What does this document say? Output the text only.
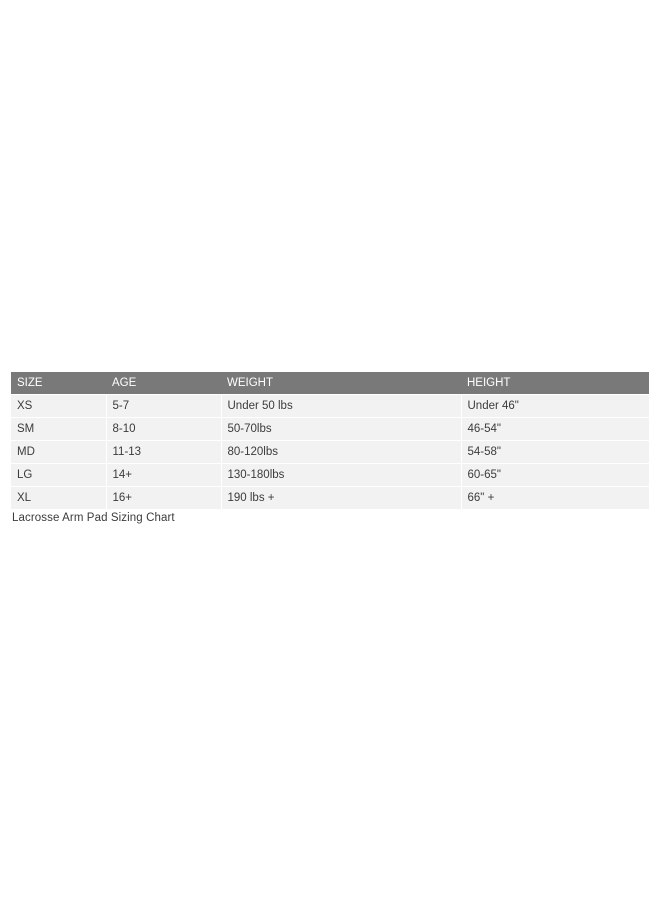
SIZE	AGE	WEIGHT	HEIGHT
XS	5-7	Under 50 lbs	Under 46"
SM	8-10	50-70lbs	46-54"
MD	11-13	80-120lbs	54-58"
LG	14+	130-180lbs	60-65"
XL	16+	190 lbs +	66" +
Lacrosse Arm Pad Sizing Chart
